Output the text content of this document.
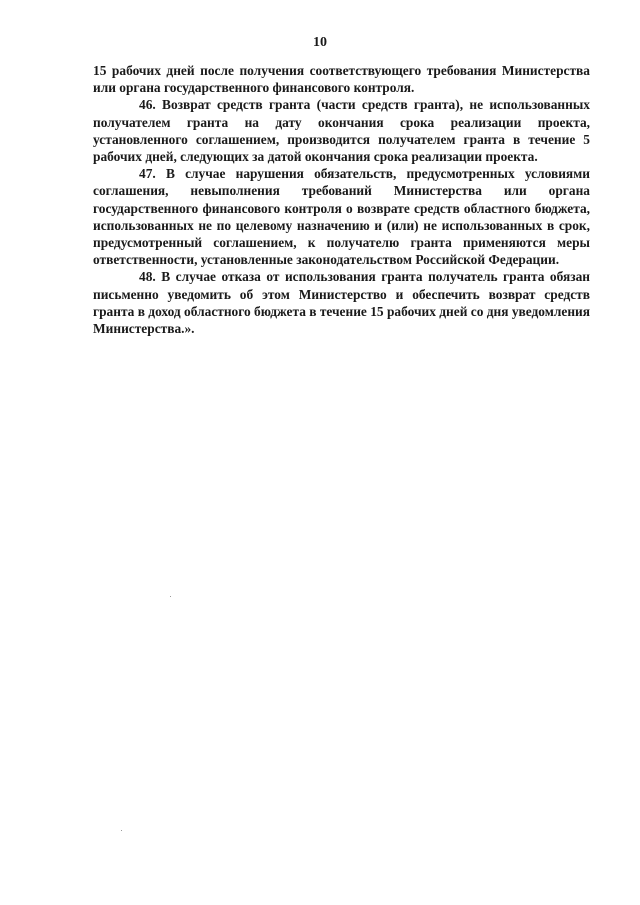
10

15 рабочих дней после получения соответствующего требования Министерства или органа государственного финансового контроля.

46. Возврат средств гранта (части средств гранта), не использованных получателем гранта на дату окончания срока реализации проекта, установленного соглашением, производится получателем гранта в течение 5 рабочих дней, следующих за датой окончания срока реализации проекта.

47. В случае нарушения обязательств, предусмотренных условиями соглашения, невыполнения требований Министерства или органа государственного финансового контроля о возврате средств областного бюджета, использованных не по целевому назначению и (или) не использованных в срок, предусмотренный соглашением, к получателю гранта применяются меры ответственности, установленные законодательством Российской Федерации.

48. В случае отказа от использования гранта получатель гранта обязан письменно уведомить об этом Министерство и обеспечить возврат средств гранта в доход областного бюджета в течение 15 рабочих дней со дня уведомления Министерства.».
